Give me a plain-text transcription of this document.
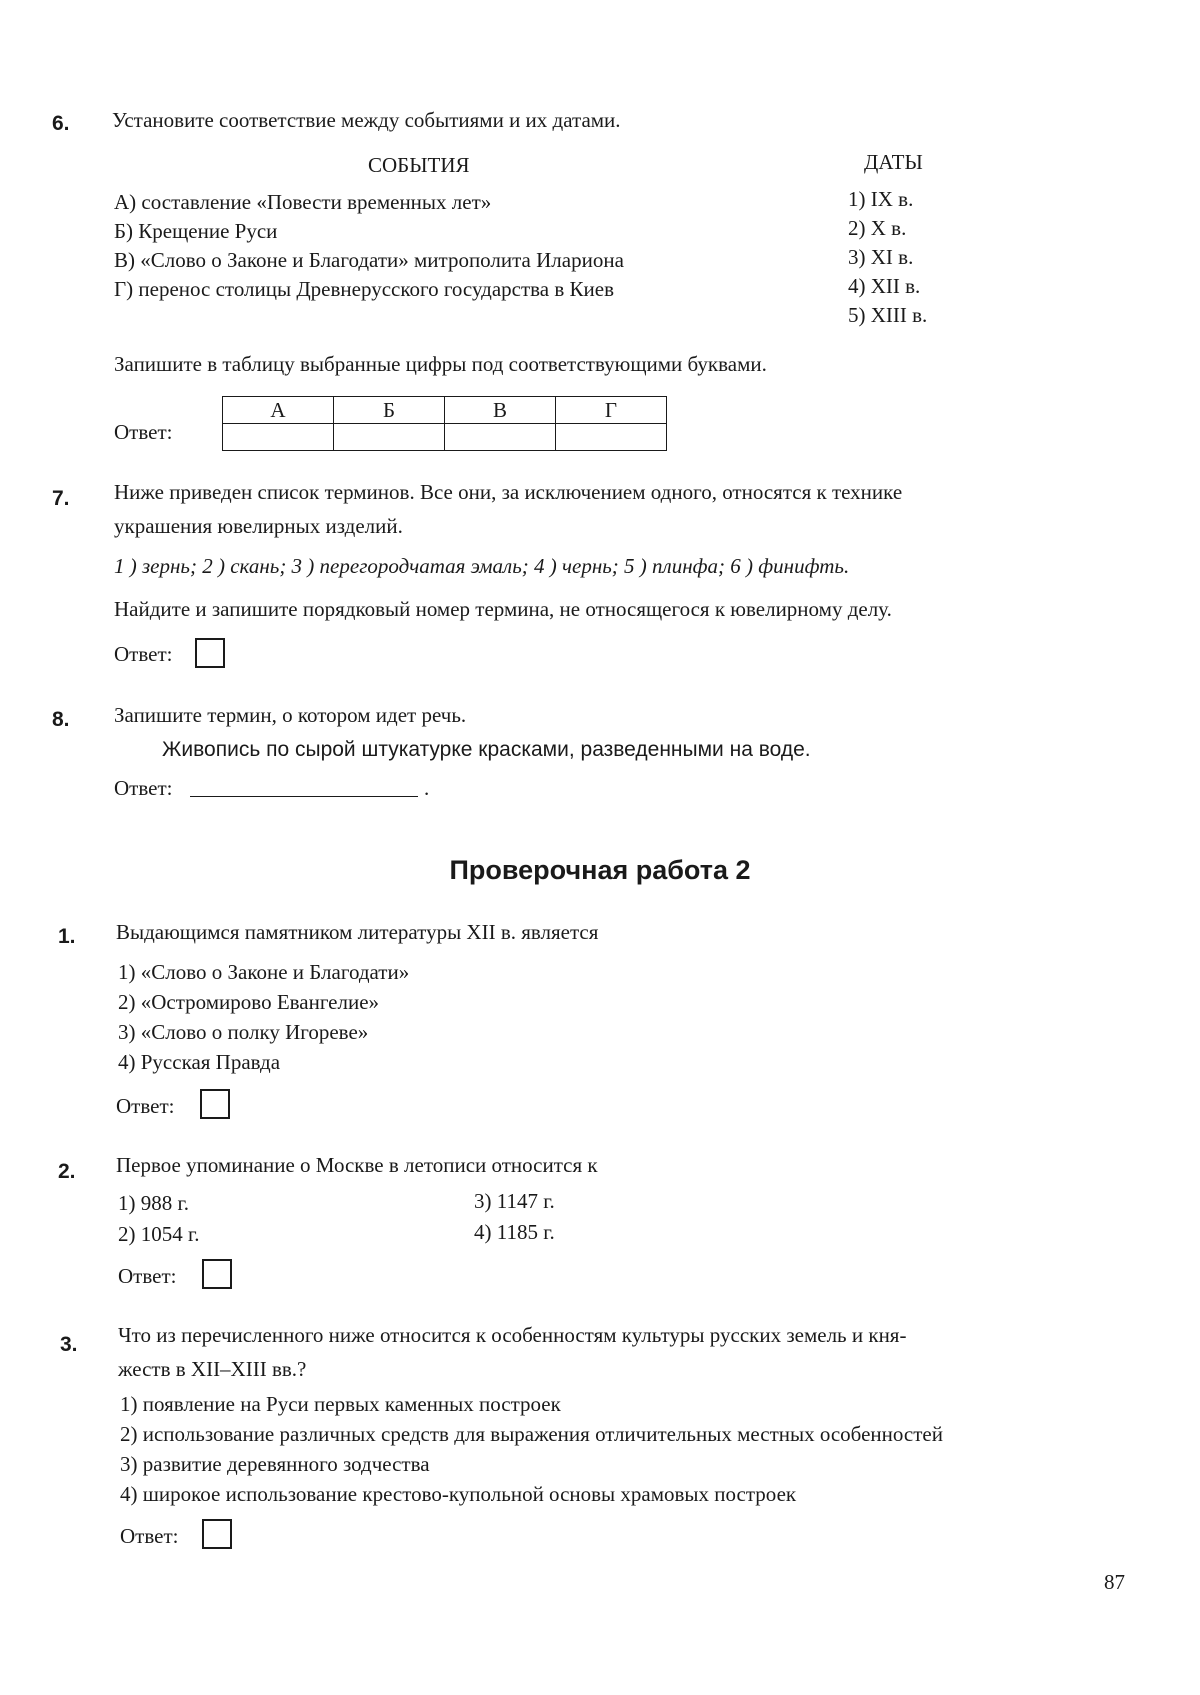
6. Установите соответствие между событиями и их датами.
СОБЫТИЯ	ДАТЫ
А) составление «Повести временных лет»
Б) Крещение Руси
В) «Слово о Законе и Благодати» митрополита Илариона
Г) перенос столицы Древнерусского государства в Киев
1) IX в.
2) X в.
3) XI в.
4) XII в.
5) XIII в.
Запишите в таблицу выбранные цифры под соответствующими буквами.
Ответ:
А	Б	В	Г

7. Ниже приведен список терминов. Все они, за исключением одного, относятся к технике
украшения ювелирных изделий.
1 ) зернь; 2 ) скань; 3 ) перегородчатая эмаль; 4 ) чернь; 5 ) плинфа; 6 ) финифть.
Найдите и запишите порядковый номер термина, не относящегося к ювелирному делу.
Ответ:
8. Запишите термин, о котором идет речь.
Живопись по сырой штукатурке красками, разведенными на воде.
Ответ:	.
Проверочная работа 2
1. Выдающимся памятником литературы XII в. является
1) «Слово о Законе и Благодати»
2) «Остромирово Евангелие»
3) «Слово о полку Игореве»
4) Русская Правда
Ответ:
2. Первое упоминание о Москве в летописи относится к
1) 988 г.
2) 1054 г.
3) 1147 г.
4) 1185 г.
Ответ:
3. Что из перечисленного ниже относится к особенностям культуры русских земель и кня-
жеств в XII–XIII вв.?
1) появление на Руси первых каменных построек
2) использование различных средств для выражения отличительных местных особенностей
3) развитие деревянного зодчества
4) широкое использование крестово-купольной основы храмовых построек
Ответ:
87
